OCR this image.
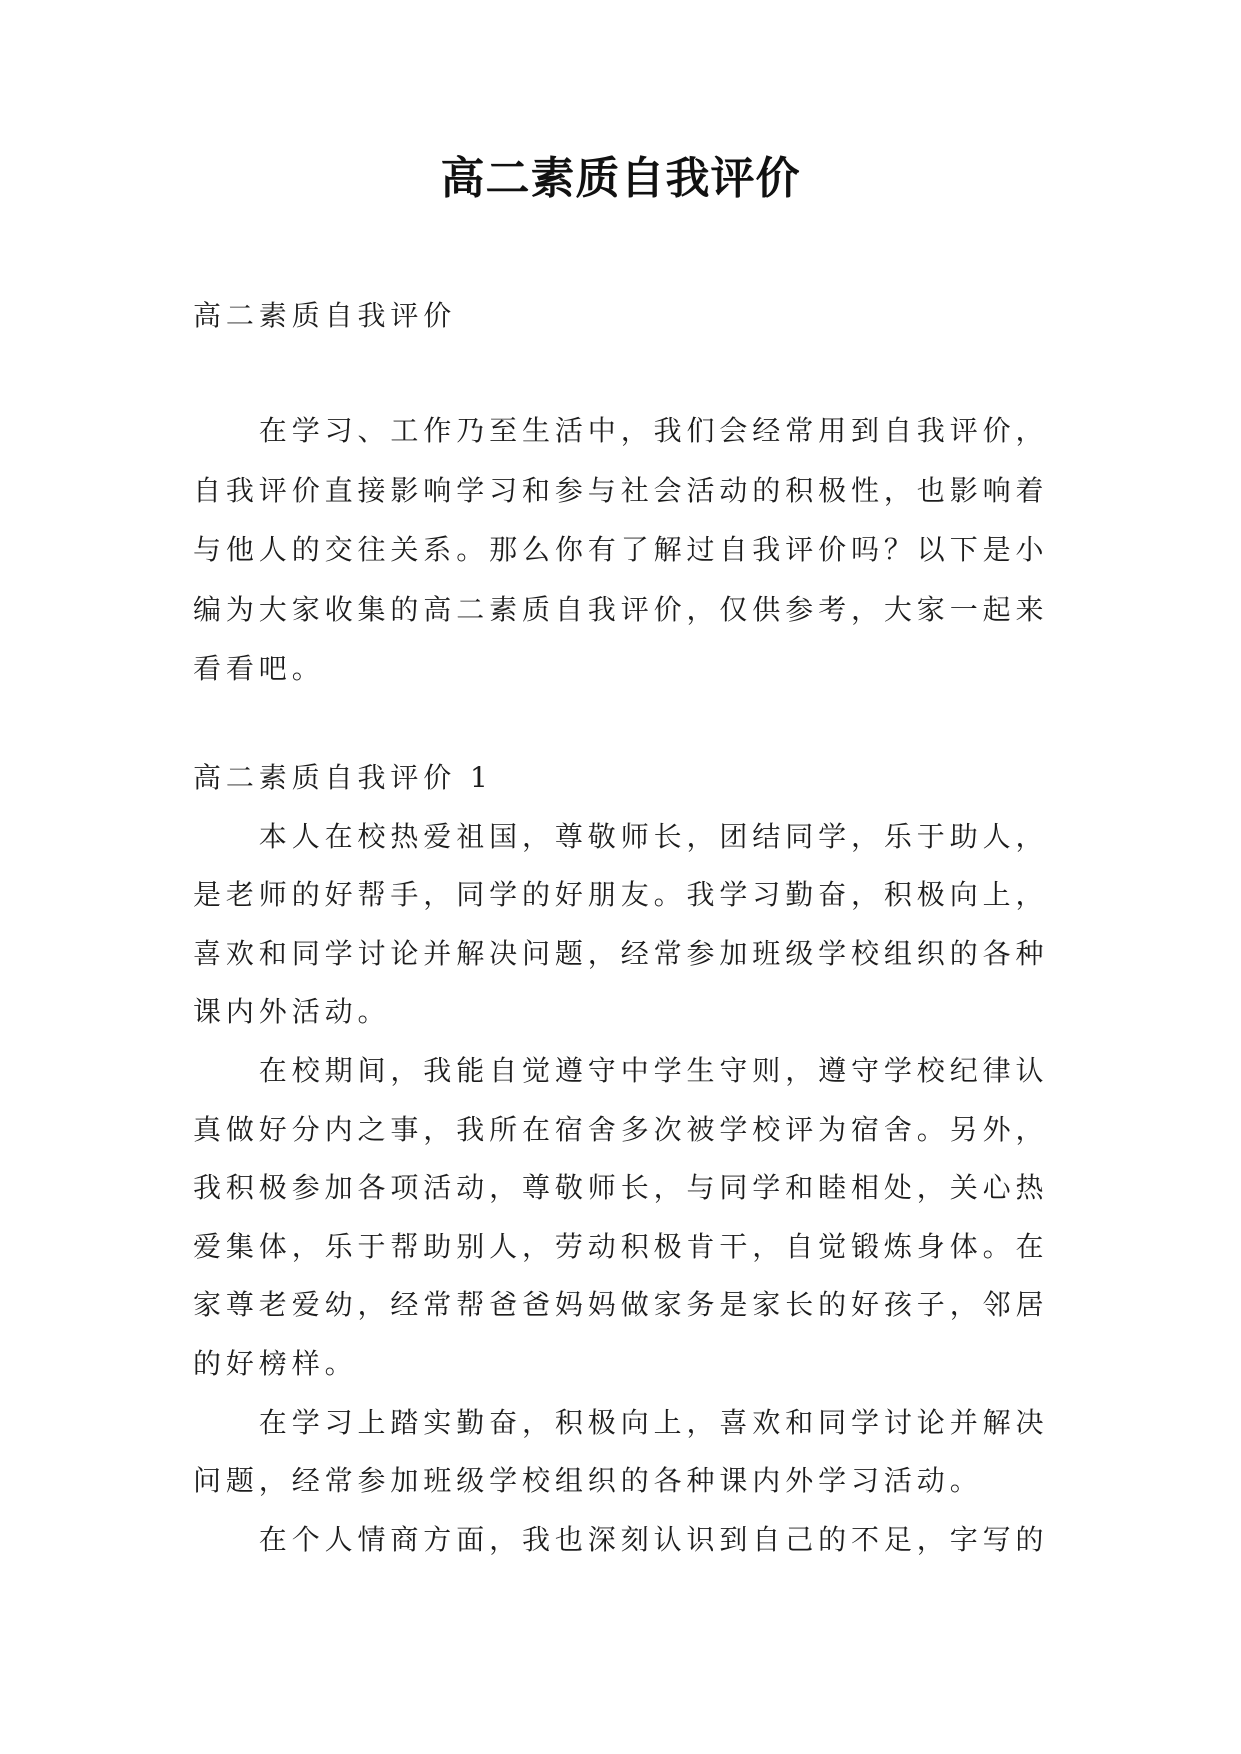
高二素质自我评价
高二素质自我评价
在学习、工作乃至生活中，我们会经常用到自我评价，
自我评价直接影响学习和参与社会活动的积极性，也影响着
与他人的交往关系。那么你有了解过自我评价吗？以下是小
编为大家收集的高二素质自我评价，仅供参考，大家一起来
看看吧。
高二素质自我评价 1
本人在校热爱祖国，尊敬师长，团结同学，乐于助人，
是老师的好帮手，同学的好朋友。我学习勤奋，积极向上，
喜欢和同学讨论并解决问题，经常参加班级学校组织的各种
课内外活动。
在校期间，我能自觉遵守中学生守则，遵守学校纪律认
真做好分内之事，我所在宿舍多次被学校评为宿舍。另外，
我积极参加各项活动，尊敬师长，与同学和睦相处，关心热
爱集体，乐于帮助别人，劳动积极肯干，自觉锻炼身体。在
家尊老爱幼，经常帮爸爸妈妈做家务是家长的好孩子，邻居
的好榜样。
在学习上踏实勤奋，积极向上，喜欢和同学讨论并解决
问题，经常参加班级学校组织的各种课内外学习活动。
在个人情商方面，我也深刻认识到自己的不足，字写的
